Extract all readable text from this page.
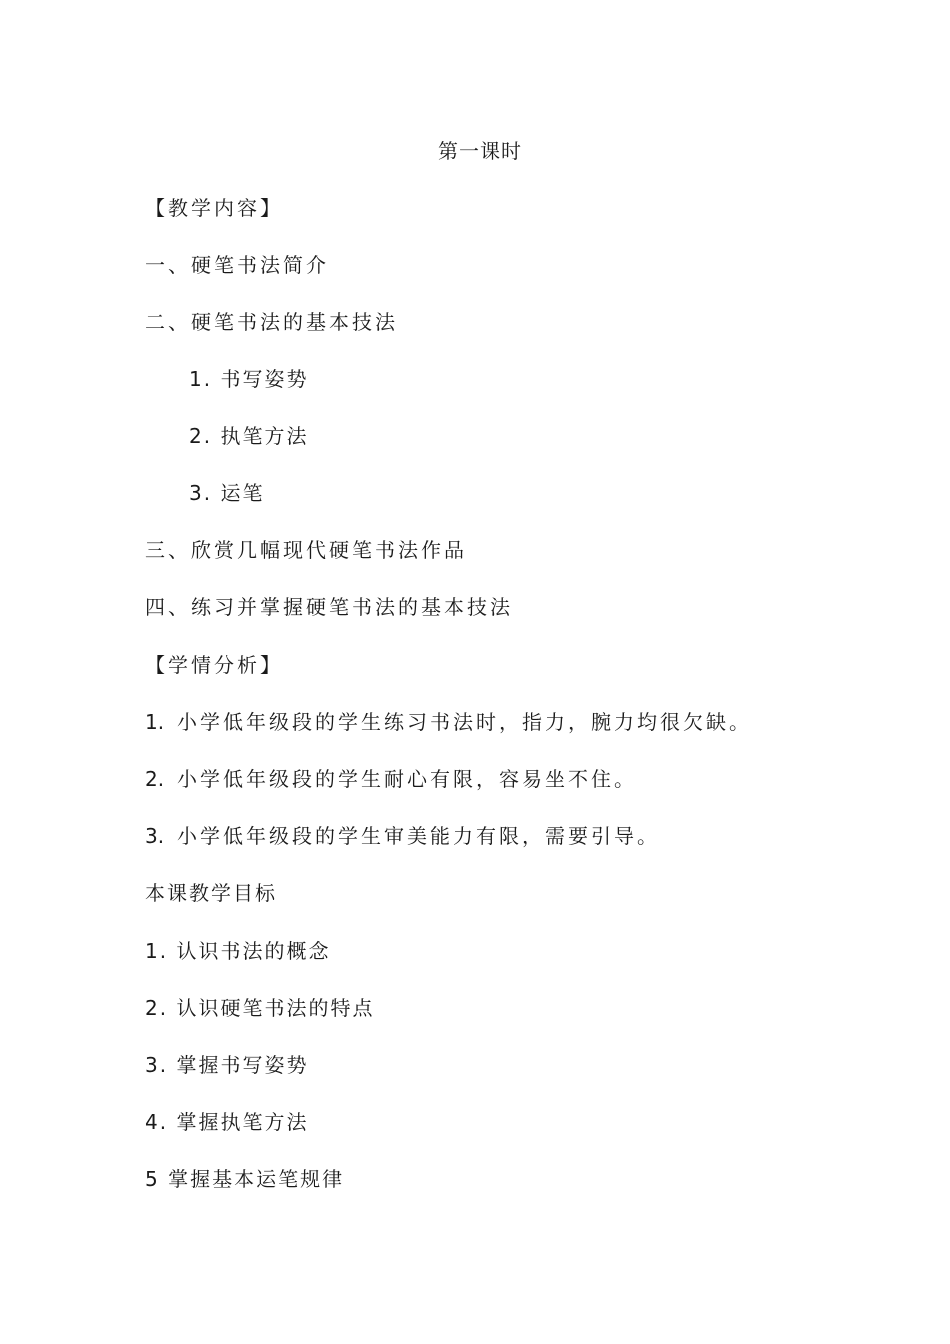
第一课时
【教学内容】
一、硬笔书法简介
二、硬笔书法的基本技法
1. 书写姿势
2. 执笔方法
3. 运笔
三、欣赏几幅现代硬笔书法作品
四、练习并掌握硬笔书法的基本技法
【学情分析】
1. 小学低年级段的学生练习书法时，指力，腕力均很欠缺。
2. 小学低年级段的学生耐心有限，容易坐不住。
3. 小学低年级段的学生审美能力有限，需要引导。
本课教学目标
1. 认识书法的概念
2. 认识硬笔书法的特点
3. 掌握书写姿势
4. 掌握执笔方法
5 掌握基本运笔规律
